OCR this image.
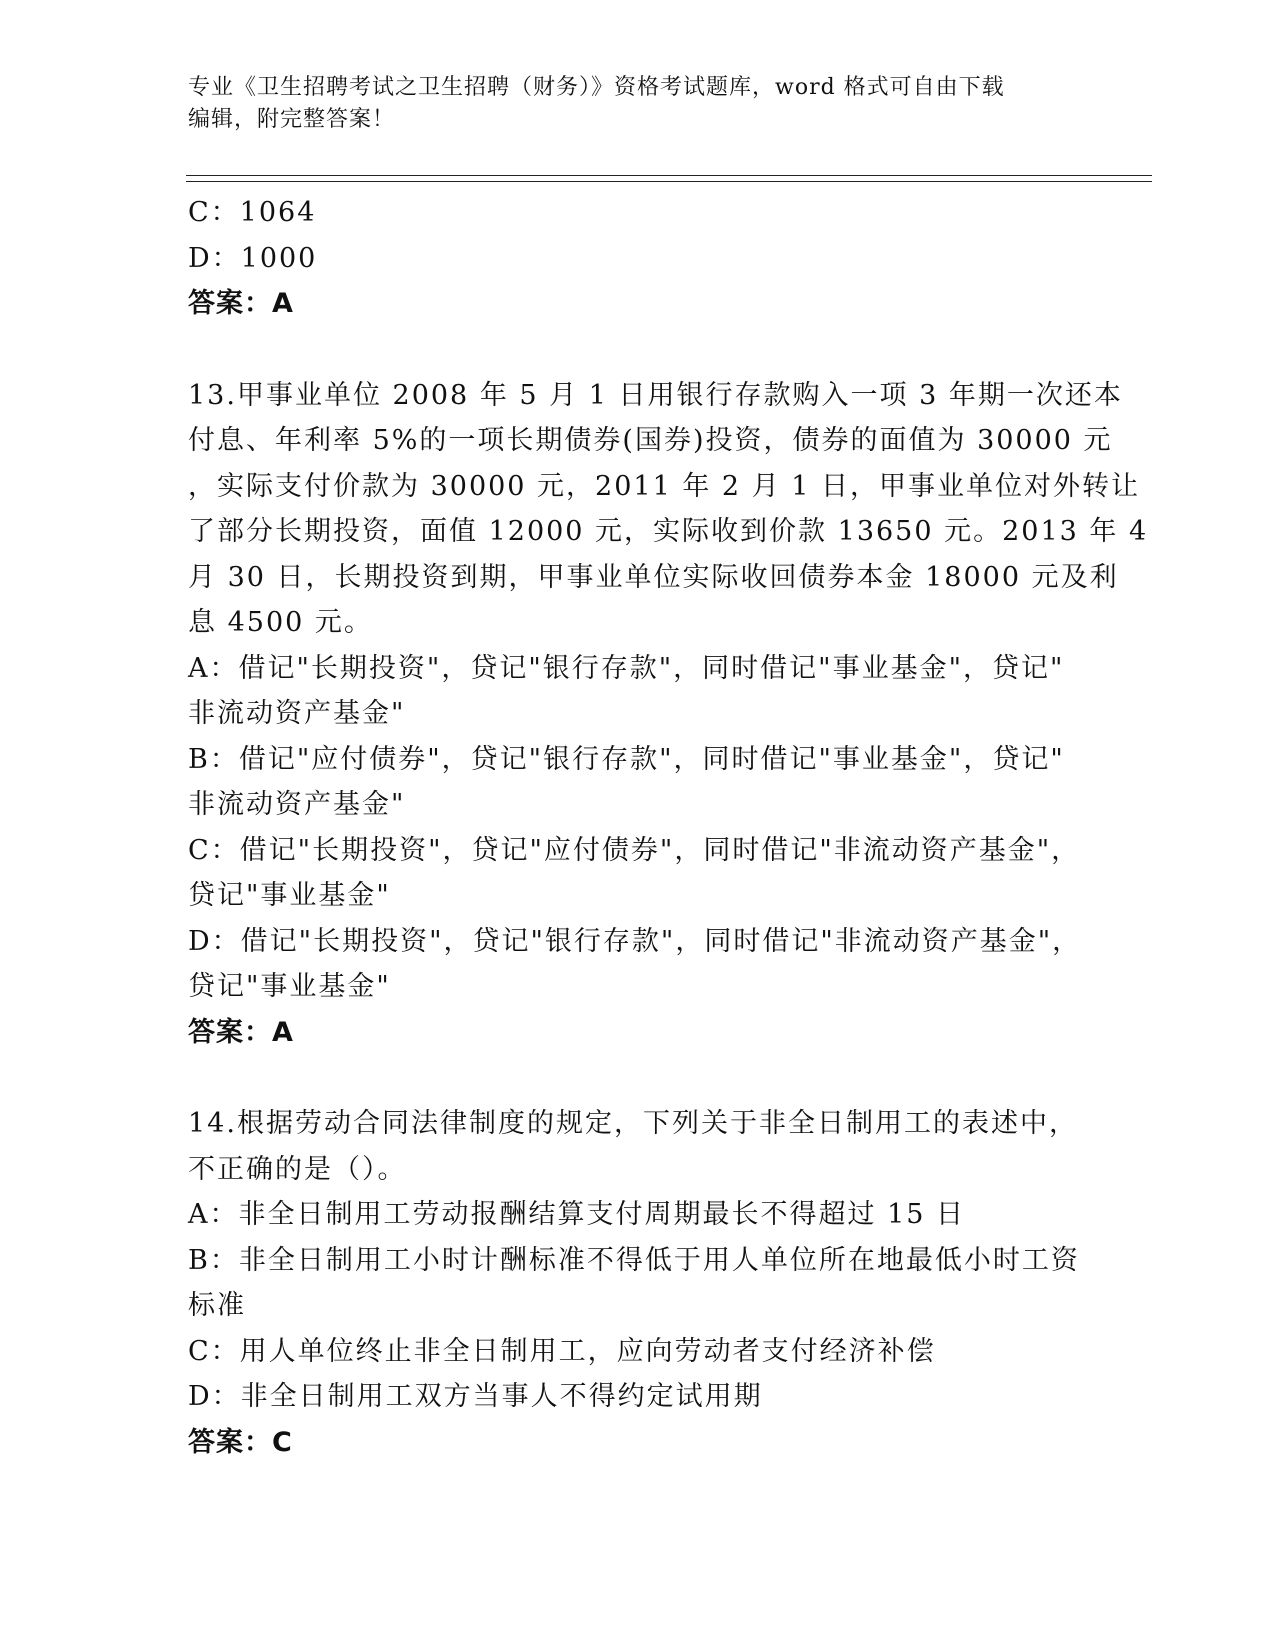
专业《卫生招聘考试之卫生招聘（财务）》资格考试题库，word 格式可自由下载
编辑，附完整答案！
C：1064
D：1000
答案：A
13.甲事业单位 2008 年 5 月 1 日用银行存款购入一项 3 年期一次还本
付息、年利率 5%的一项长期债券(国券)投资，债券的面值为 30000 元
，实际支付价款为 30000 元，2011 年 2 月 1 日，甲事业单位对外转让
了部分长期投资，面值 12000 元，实际收到价款 13650 元。2013 年 4
月 30 日，长期投资到期，甲事业单位实际收回债券本金 18000 元及利
息 4500 元。
A：借记"长期投资"，贷记"银行存款"，同时借记"事业基金"，贷记"
非流动资产基金"
B：借记"应付债券"，贷记"银行存款"，同时借记"事业基金"，贷记"
非流动资产基金"
C：借记"长期投资"，贷记"应付债券"，同时借记"非流动资产基金"，
贷记"事业基金"
D：借记"长期投资"，贷记"银行存款"，同时借记"非流动资产基金"，
贷记"事业基金"
答案：A
14.根据劳动合同法律制度的规定，下列关于非全日制用工的表述中，
不正确的是（）。
A：非全日制用工劳动报酬结算支付周期最长不得超过 15 日
B：非全日制用工小时计酬标准不得低于用人单位所在地最低小时工资
标准
C：用人单位终止非全日制用工，应向劳动者支付经济补偿
D：非全日制用工双方当事人不得约定试用期
答案：C
